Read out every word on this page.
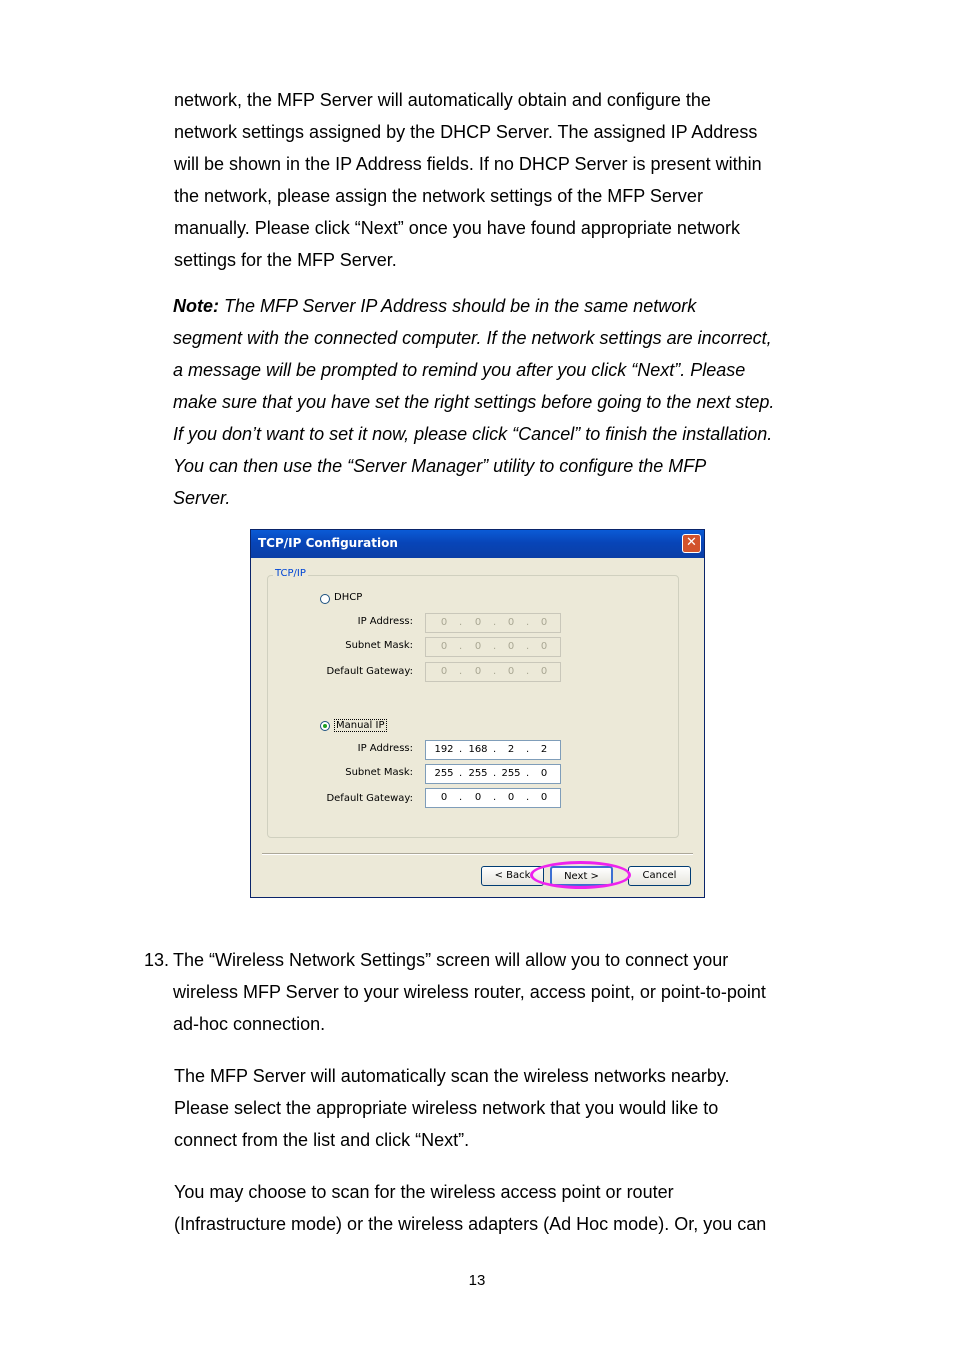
network, the MFP Server will automatically obtain and configure the
network settings assigned by the DHCP Server. The assigned IP Address
will be shown in the IP Address fields. If no DHCP Server is present within
the network, please assign the network settings of the MFP Server
manually. Please click “Next” once you have found appropriate network
settings for the MFP Server.

Note: The MFP Server IP Address should be in the same network
segment with the connected computer. If the network settings are incorrect,
a message will be prompted to remind you after you click “Next”. Please
make sure that you have set the right settings before going to the next step.
If you don’t want to set it now, please click “Cancel” to finish the installation.
You can then use the “Server Manager” utility to configure the MFP
Server.

TCP/IP Configuration	✕
TCP/IP
DHCP
IP Address:	0	.	0	.	0	.	0
Subnet Mask:	0	.	0	.	0	.	0
Default Gateway:	0	.	0	.	0	.	0
Manual IP
IP Address: 192 . 168 .	2	.	2
Subnet Mask: 255 . 255 . 255 .	0
Default Gateway:	0	.	0	.	0	.	0
< Back	Next >	Cancel
13. The “Wireless Network Settings” screen will allow you to connect your
wireless MFP Server to your wireless router, access point, or point-to-point
ad-hoc connection.

The MFP Server will automatically scan the wireless networks nearby.
Please select the appropriate wireless network that you would like to
connect from the list and click “Next”.

You may choose to scan for the wireless access point or router
(Infrastructure mode) or the wireless adapters (Ad Hoc mode). Or, you can

13
